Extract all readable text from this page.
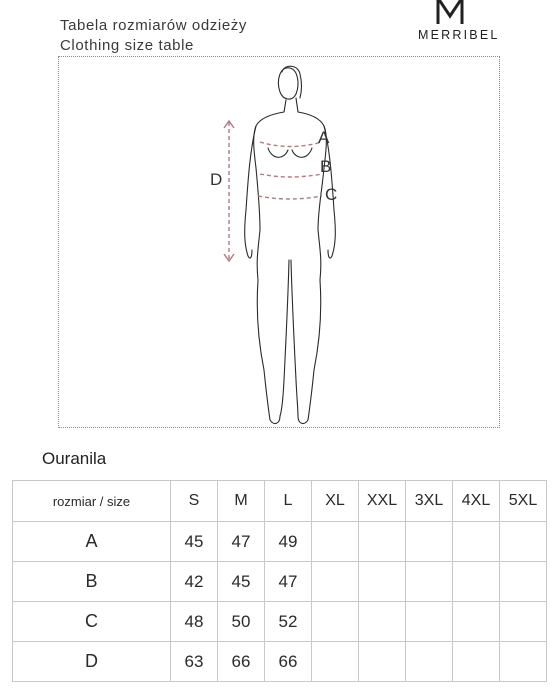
Tabela rozmiarów odzieży
Clothing size table
MERRIBEL
A
B
C
D
Ouranila
rozmiar / size	S	M	L	XL	XXL	3XL	4XL	5XL
A	45	47	49					
B	42	45	47					
C	48	50	52					
D	63	66	66					
